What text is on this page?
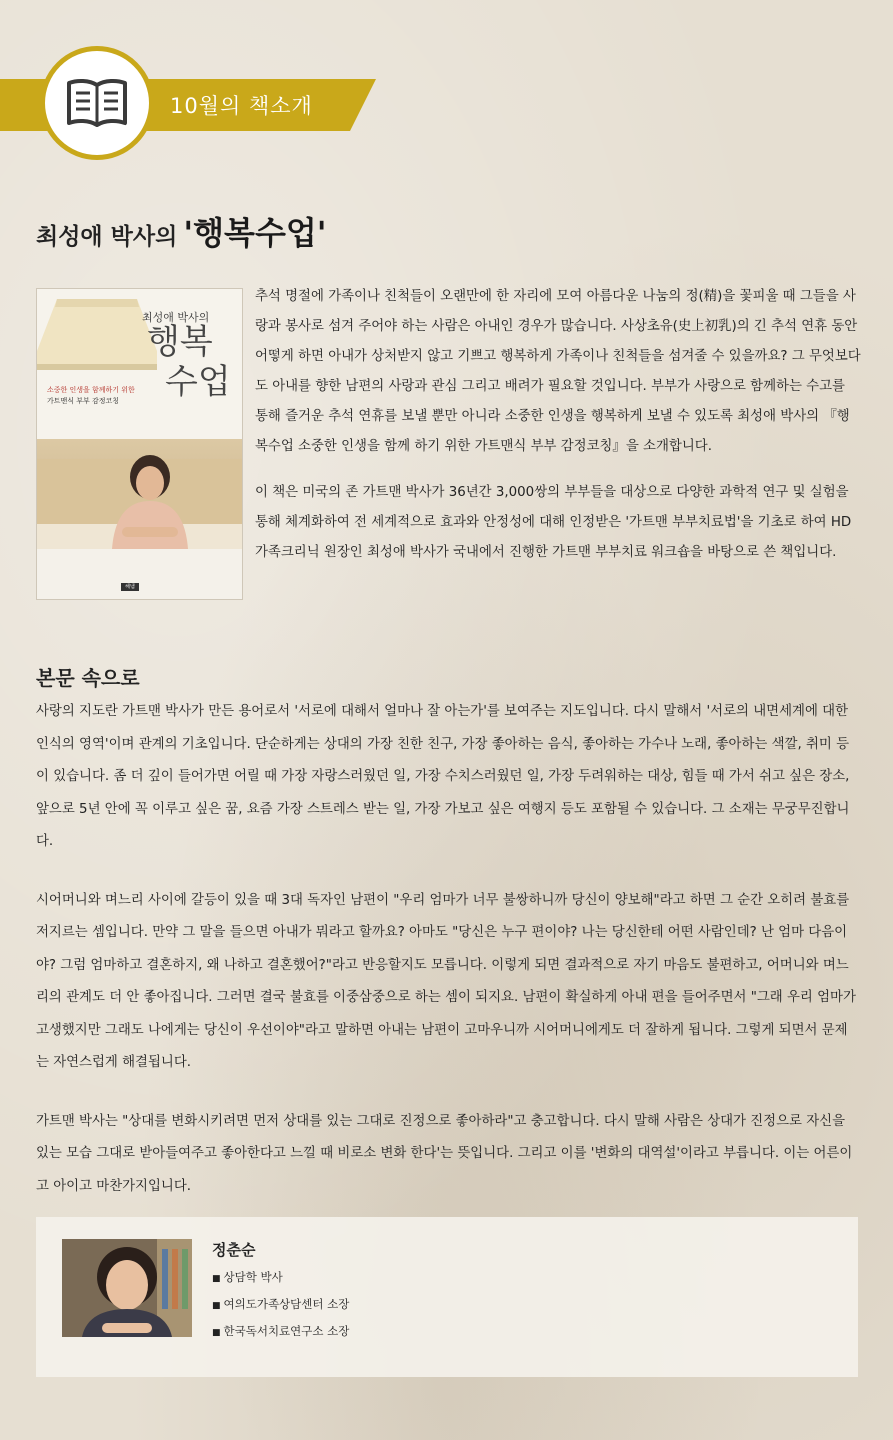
10월의 책소개
최성애 박사의 '행복수업'
최성애 박사의
행복
수업
소중한 인생을 함께하기 위한
가트맨식 부부 감정코칭
해냄

추석 명절에 가족이나 친척들이 오랜만에 한 자리에 모여 아름다운 나눔의 정(精)을 꽃피울 때 그들을 사랑과 봉사로 섬겨 주어야 하는 사람은 아내인 경우가 많습니다. 사상초유(史上初乳)의 긴 추석 연휴 동안 어떻게 하면 아내가 상처받지 않고 기쁘고 행복하게 가족이나 친척들을 섬겨줄 수 있을까요? 그 무엇보다도 아내를 향한 남편의 사랑과 관심 그리고 배려가 필요할 것입니다. 부부가 사랑으로 함께하는 수고를 통해 즐거운 추석 연휴를 보낼 뿐만 아니라 소중한 인생을 행복하게 보낼 수 있도록 최성애 박사의 『행복수업 소중한 인생을 함께 하기 위한 가트맨식 부부 감정코칭』을 소개합니다.

이 책은 미국의 존 가트맨 박사가 36년간 3,000쌍의 부부들을 대상으로 다양한 과학적 연구 및 실험을 통해 체계화하여 전 세계적으로 효과와 안정성에 대해 인정받은 '가트맨 부부치료법'을 기초로 하여 HD가족크리닉 원장인 최성애 박사가 국내에서 진행한 가트맨 부부치료 워크숍을 바탕으로 쓴 책입니다.

본문 속으로

사랑의 지도란 가트맨 박사가 만든 용어로서 '서로에 대해서 얼마나 잘 아는가'를 보여주는 지도입니다. 다시 말해서 '서로의 내면세계에 대한 인식의 영역'이며 관계의 기초입니다. 단순하게는 상대의 가장 친한 친구, 가장 좋아하는 음식, 좋아하는 가수나 노래, 좋아하는 색깔, 취미 등이 있습니다. 좀 더 깊이 들어가면 어릴 때 가장 자랑스러웠던 일, 가장 수치스러웠던 일, 가장 두려워하는 대상, 힘들 때 가서 쉬고 싶은 장소, 앞으로 5년 안에 꼭 이루고 싶은 꿈, 요즘 가장 스트레스 받는 일, 가장 가보고 싶은 여행지 등도 포함될 수 있습니다. 그 소재는 무궁무진합니다.

시어머니와 며느리 사이에 갈등이 있을 때 3대 독자인 남편이 "우리 엄마가 너무 불쌍하니까 당신이 양보해"라고 하면 그 순간 오히려 불효를 저지르는 셈입니다. 만약 그 말을 들으면 아내가 뭐라고 할까요? 아마도 "당신은 누구 편이야? 나는 당신한테 어떤 사람인데? 난 엄마 다음이야? 그럼 엄마하고 결혼하지, 왜 나하고 결혼했어?"라고 반응할지도 모릅니다. 이렇게 되면 결과적으로 자기 마음도 불편하고, 어머니와 며느리의 관계도 더 안 좋아집니다. 그러면 결국 불효를 이중삼중으로 하는 셈이 되지요. 남편이 확실하게 아내 편을 들어주면서 "그래 우리 엄마가 고생했지만 그래도 나에게는 당신이 우선이야"라고 말하면 아내는 남편이 고마우니까 시어머니에게도 더 잘하게 됩니다. 그렇게 되면서 문제는 자연스럽게 해결됩니다.

가트맨 박사는 "상대를 변화시키려면 먼저 상대를 있는 그대로 진정으로 좋아하라"고 충고합니다. 다시 말해 사람은 상대가 진정으로 자신을 있는 모습 그대로 받아들여주고 좋아한다고 느낄 때 비로소 변화 한다'는 뜻입니다. 그리고 이를 '변화의 대역설'이라고 부릅니다. 이는 어른이고 아이고 마찬가지입니다.

정춘순
■ 상담학 박사
■ 여의도가족상담센터 소장
■ 한국독서치료연구소 소장
